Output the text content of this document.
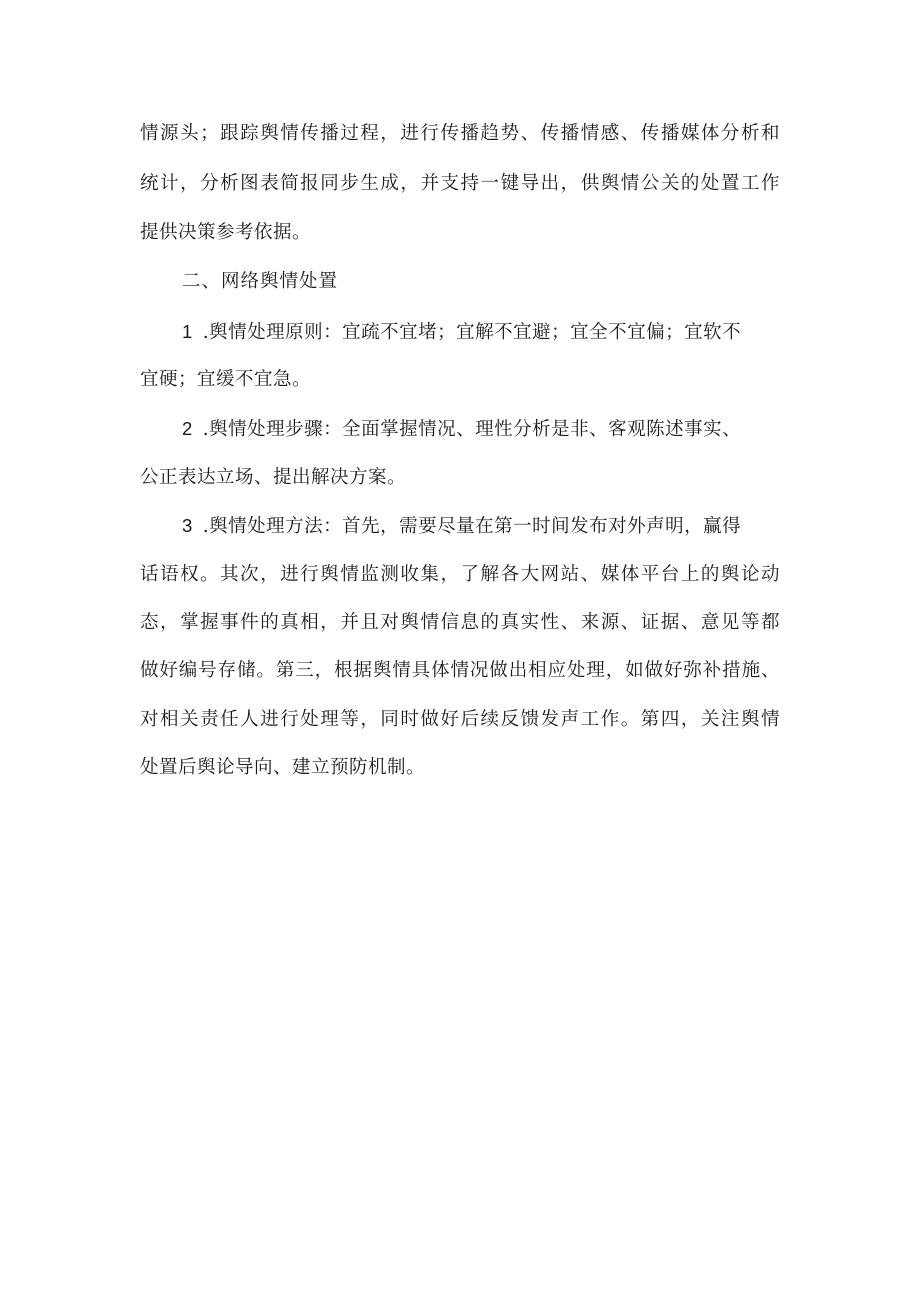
情源头；跟踪舆情传播过程，进行传播趋势、传播情感、传播媒体分析和
统计，分析图表简报同步生成，并支持一键导出，供舆情公关的处置工作
提供决策参考依据。
二、网络舆情处置
1 .舆情处理原则：宜疏不宜堵；宜解不宜避；宜全不宜偏；宜软不
宜硬；宜缓不宜急。
2 .舆情处理步骤：全面掌握情况、理性分析是非、客观陈述事实、
公正表达立场、提出解决方案。
3 .舆情处理方法：首先，需要尽量在第一时间发布对外声明，赢得
话语权。其次，进行舆情监测收集，了解各大网站、媒体平台上的舆论动
态，掌握事件的真相，并且对舆情信息的真实性、来源、证据、意见等都
做好编号存储。第三，根据舆情具体情况做出相应处理，如做好弥补措施、
对相关责任人进行处理等，同时做好后续反馈发声工作。第四，关注舆情
处置后舆论导向、建立预防机制。
